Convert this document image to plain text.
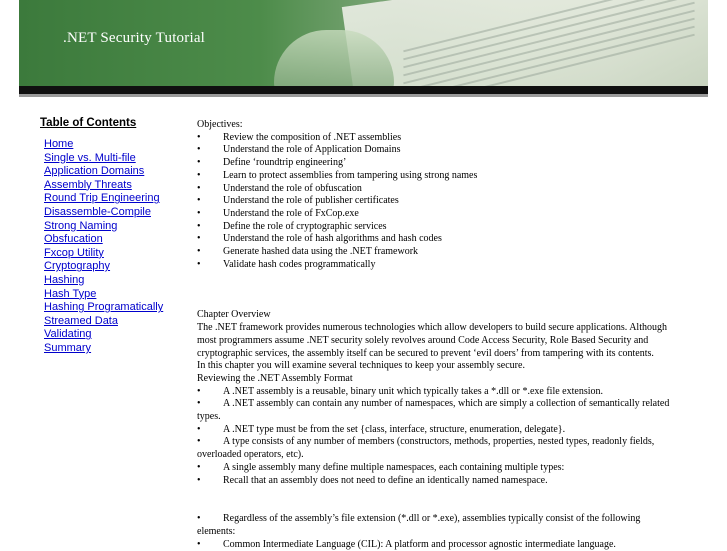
.NET Security Tutorial
Table of Contents
Home
Single vs. Multi-file
Application Domains
Assembly Threats
Round Trip Engineering
Disassemble-Compile
Strong Naming
Obsfucation
Fxcop Utility
Cryptography
Hashing
Hash Type
Hashing Programatically
Streamed Data
Validating
Summary

Objectives:

• Review the composition of .NET assemblies

• Understand the role of Application Domains

• Define ‘roundtrip engineering’

• Learn to protect assemblies from tampering using strong names

• Understand the role of obfuscation

• Understand the role of publisher certificates

• Understand the role of FxCop.exe

• Define the role of cryptographic services

• Understand the role of hash algorithms and hash codes

• Generate hashed data using the .NET framework

• Validate hash codes programmatically

Chapter Overview

The .NET framework provides numerous technologies which allow developers to build secure applications. Although most programmers assume .NET security solely revolves around Code Access Security, Role Based Security and cryptographic services, the assembly itself can be secured to prevent ‘evil doers’ from tampering with its contents.

In this chapter you will examine several techniques to keep your assembly secure.

Reviewing the .NET Assembly Format

• A .NET assembly is a reusable, binary unit which typically takes a *.dll or *.exe file extension.

• A .NET assembly can contain any number of namespaces, which are simply a collection of semantically related types.

• A .NET type must be from the set {class, interface, structure, enumeration, delegate}.

• A type consists of any number of members (constructors, methods, properties, nested types, readonly fields, overloaded operators, etc).

• A single assembly many define multiple namespaces, each containing multiple types:

• Recall that an assembly does not need to define an identically named namespace.

• Regardless of the assembly’s file extension (*.dll or *.exe), assemblies typically consist of the following elements:

• Common Intermediate Language (CIL): A platform and processor agnostic intermediate language.
